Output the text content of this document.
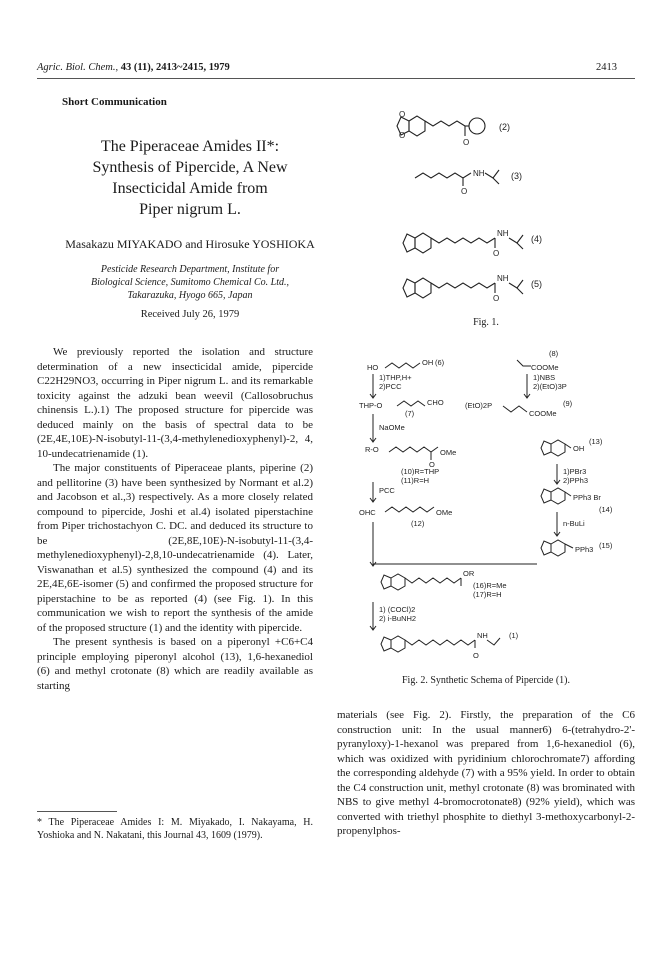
Agric. Biol. Chem., 43 (11), 2413~2415, 1979	2413
Short Communication
The Piperaceae Amides II*:
Synthesis of Pipercide, A New
Insecticidal Amide from
Piper nigrum L.
Masakazu MIYAKADO and Hirosuke YOSHIOKA
Pesticide Research Department, Institute for
Biological Science, Sumitomo Chemical Co. Ltd.,
Takarazuka, Hyogo 665, Japan
Received July 26, 1979

We previously reported the isolation and structure determination of a new insecticidal amide, pipercide C22H29NO3, occurring in Piper nigrum L. and its remarkable toxicity against the adzuki bean weevil (Callosobruchus chinensis L.).1) The proposed structure for pipercide was deduced mainly on the basis of spectral data to be (2E,4E,10E)-N-isobutyl-11-(3,4-methylenedioxyphenyl)-2, 4, 10-undecatrienamide (1).

The major constituents of Piperaceae plants, piperine (2) and pellitorine (3) have been synthesized by Normant et al.2) and Jacobson et al.,3) respectively. As a more closely related compound to pipercide, Joshi et al.4) isolated piperstachine from Piper trichostachyon C. DC. and deduced its structure to be (2E,8E,10E)-N-isobutyl-11-(3,4-methylenedioxyphenyl)-2,8,10-undecatrienamide (4). Later, Viswanathan et al.5) synthesized the compound (4) and its 2E,4E,6E-isomer (5) and confirmed the proposed structure for piperstachine to be as reported (4) (see Fig. 1). In this communication we wish to report the synthesis of the amide of the proposed structure (1) and the identity with pipercide.

The present synthesis is based on a piperonyl +C6+C4 principle employing piperonyl alcohol (13), 1,6-hexanediol (6) and methyl crotonate (8) which are readily available as starting

* The Piperaceae Amides I: M. Miyakado, I. Nakayama, H. Yoshioka and N. Nakatani, this Journal 43, 1609 (1979).
O
O
O
O
NH
NH
NH
O
O
(2)
(3)
(4)
(5)
Fig. 1.
HO
OH (6)
(8)
COOMe
1)THP,H+
2)PCC
1)NBS
2)(EtO)3P
THP-O	CHO
(7)
(EtO)2P	(9)
COOMe
NaOMe
R-O	OMe
O
OH
(13)
(10)R=THP
(11)R=H
PCC
1)PBr3
2)PPh3
OHC	OMe
(12)
PPh3 Br
(14)
n-BuLi
PPh3 (15)
OR
(16)R=Me
(17)R=H
1) (COCl)2
2) i-BuNH2
NH
O
(1)
Fig. 2. Synthetic Schema of Pipercide (1).

materials (see Fig. 2). Firstly, the preparation of the C6 construction unit: In the usual manner6) 6-(tetrahydro-2'-pyranyloxy)-1-hexanol was prepared from 1,6-hexanediol (6), which was oxidized with pyridinium chlorochromate7) affording the corresponding aldehyde (7) with a 95% yield. In order to obtain the C4 construction unit, methyl crotonate (8) was brominated with NBS to give methyl 4-bromocrotonate8) (92% yield), which was converted with triethyl phosphite to diethyl 3-methoxycarbonyl-2-propenylphos-
